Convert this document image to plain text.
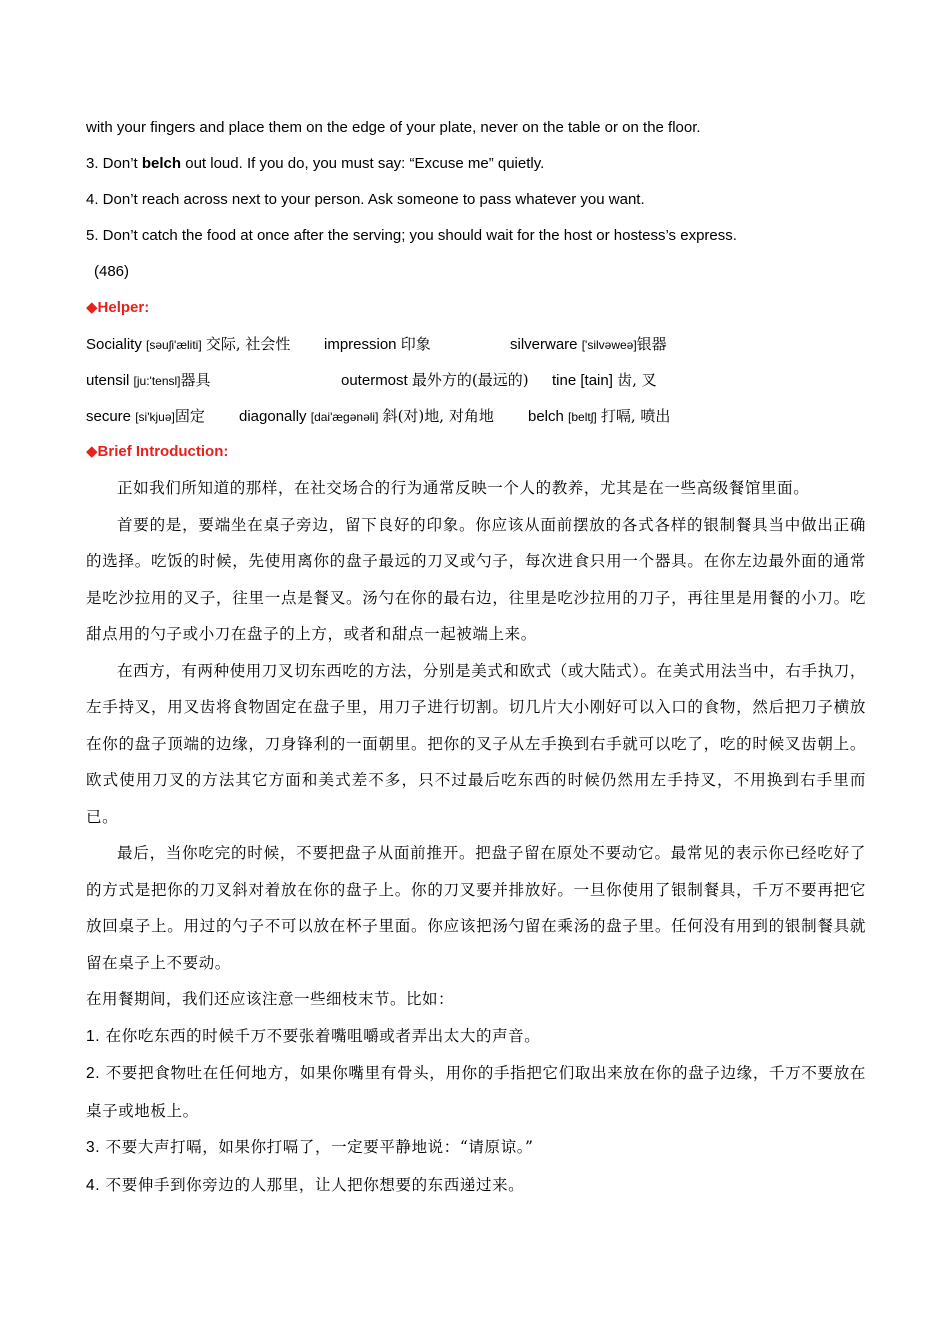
with your fingers and place them on the edge of your plate, never on the table or on the floor.
3. Don’t belch out loud. If you do, you must say: “Excuse me” quietly.
4. Don’t reach across next to your person. Ask someone to pass whatever you want.
5. Don’t catch the food at once after the serving; you should wait for the host or hostess’s express.
(486)
◆Helper:
Sociality [səuʃi'æliti] 交际, 社会性 impression 印象	silverware ['silvəweə]银器
utensil [ju:'tensl]器具	outermost 最外方的(最远的) tine [tain] 齿, 叉
secure [si'kjuə]固定 diagonally [dai'æɡənəli] 斜(对)地, 对角地 belch [beltʃ] 打嗝, 喷出
◆Brief Introduction:

正如我们所知道的那样，在社交场合的行为通常反映一个人的教养，尤其是在一些高级餐馆里面。

首要的是，要端坐在桌子旁边，留下良好的印象。你应该从面前摆放的各式各样的银制餐具当中做出正确的选择。吃饭的时候，先使用离你的盘子最远的刀叉或勺子，每次进食只用一个器具。在你左边最外面的通常是吃沙拉用的叉子，往里一点是餐叉。汤勺在你的最右边，往里是吃沙拉用的刀子，再往里是用餐的小刀。吃甜点用的勺子或小刀在盘子的上方，或者和甜点一起被端上来。

在西方，有两种使用刀叉切东西吃的方法，分别是美式和欧式（或大陆式）。在美式用法当中，右手执刀，左手持叉，用叉齿将食物固定在盘子里，用刀子进行切割。切几片大小刚好可以入口的食物，然后把刀子横放在你的盘子顶端的边缘，刀身锋利的一面朝里。把你的叉子从左手换到右手就可以吃了，吃的时候叉齿朝上。欧式使用刀叉的方法其它方面和美式差不多，只不过最后吃东西的时候仍然用左手持叉，不用换到右手里而已。

最后，当你吃完的时候，不要把盘子从面前推开。把盘子留在原处不要动它。最常见的表示你已经吃好了的方式是把你的刀叉斜对着放在你的盘子上。你的刀叉要并排放好。一旦你使用了银制餐具，千万不要再把它放回桌子上。用过的勺子不可以放在杯子里面。你应该把汤勺留在乘汤的盘子里。任何没有用到的银制餐具就留在桌子上不要动。

在用餐期间，我们还应该注意一些细枝末节。比如：

1. 在你吃东西的时候千万不要张着嘴咀嚼或者弄出太大的声音。

2. 不要把食物吐在任何地方，如果你嘴里有骨头，用你的手指把它们取出来放在你的盘子边缘，千万不要放在桌子或地板上。

3. 不要大声打嗝，如果你打嗝了，一定要平静地说：“请原谅。”

4. 不要伸手到你旁边的人那里，让人把你想要的东西递过来。
